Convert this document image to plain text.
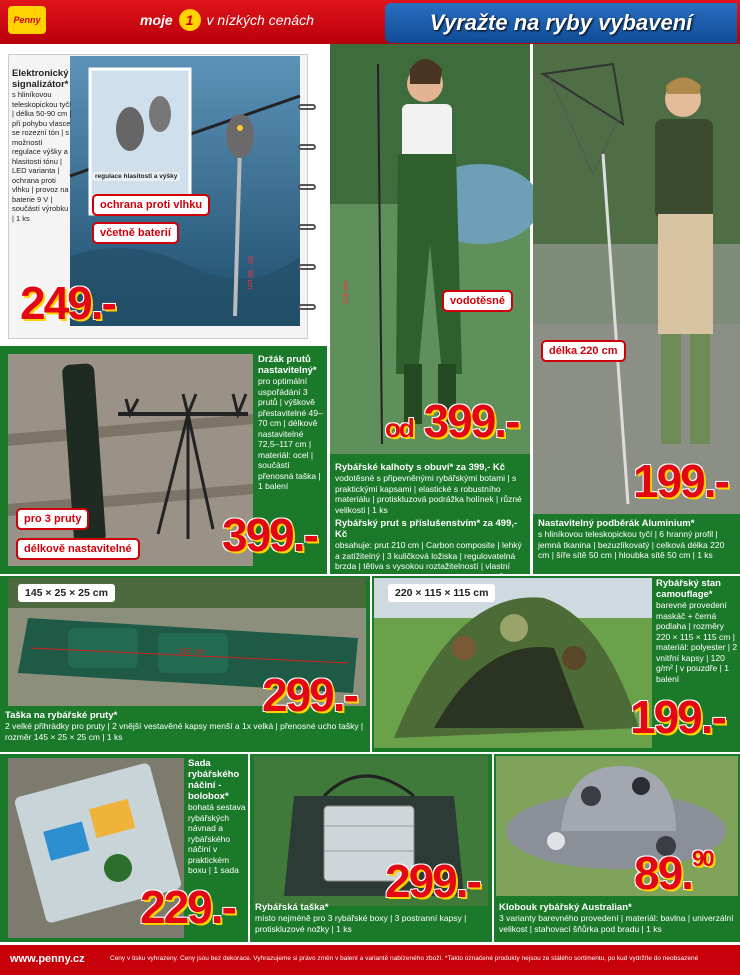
Penny	moje 1 v nízkých cenách	Vyražte na ryby vybavení
50 - 90 cm
regulace hlasitosti a výšky
Elektronický signalizátor*
s hliníkovou teleskopickou tyčí | délka 50-90 cm | při pohybu vlasce se rozezní tón | s možností regulace výšky a hlasitosti tónu | LED varianta | ochrana proti vlhku | provoz na baterie 9 V | součástí výrobku | 1 ks
ochrana proti vlhku
včetně baterií
249.-	210 cm	vodotěsné
od 399.-
Rybářské kalhoty s obuví* za 399,- Kč
vodotěsné s připevněnými rybářskými botami | s praktickými kapsami | elastické s robustního materiálu | protiskluzová podrážka holínek | různé velikosti | 1 ks
Rybářský prut s příslušenstvím* za 499,- Kč
obsahuje: prut 210 cm | Carbon composite | lehký a zatížitelný | 3 kuličková ložiska | regulovatelná brzda | tětiva s vysokou roztažitelností | vlastní
délka 220 cm
199.-
Nastavitelný podběrák Aluminium*
s hliníkovou teleskopickou tyčí | 6 hranný profil | jemná tkanina | bezuzlíkovatý | celková délka 220 cm | šíře sítě 50 cm | hloubka sítě 50 cm | 1 ks
Držák prutů nastavitelný*
pro optimální uspořádání 3 prutů | výškově přestavitelné 49–70 cm | délkově nastavitelné 72,5–117 cm | materiál: ocel | součástí přenosná taška | 1 balení
pro 3 pruty
délkově nastavitelné 399.-
145 cm
145 × 25 × 25 cm
299.-
Taška na rybářské pruty*
2 velké přihrádky pro pruty | 2 vnější vestavěné kapsy menší a 1x velká | přenosné ucho tašky | rozměr 145 × 25 × 25 cm | 1 ks
220 × 115 × 115 cm
Rybářský stan camouflage*
barevné provedení maskáč + černá podlaha | rozměry 220 × 115 × 115 cm | materiál: polyester | 2 vnitřní kapsy | 120 g/m² | v pouzdře | 1 balení
199.-
Sada rybářského náčiní - bolobox*
bohatá sestava rybářských návnad a rybářského náčiní v praktickém boxu | 1 sada
229.-	299.-
Rybářská taška*
místo nejméně pro 3 rybářské boxy | 3 postranní kapsy | protiskluzové nožky | 1 ks
89.90
Klobouk rybářský Australian*
3 varianty barevného provedení | materiál: bavlna | univerzální velikost | stahovací šňůrka pod bradu | 1 ks
www.penny.cz	Ceny v tisku vyhrazeny. Ceny jsou bez dekorace. Vyhrazujeme si právo změn v balení a variantě nabízeného zboží. *Takto označené produkty nejsou ze stálého sortimentu, po kud vydržíte do neobsazené
